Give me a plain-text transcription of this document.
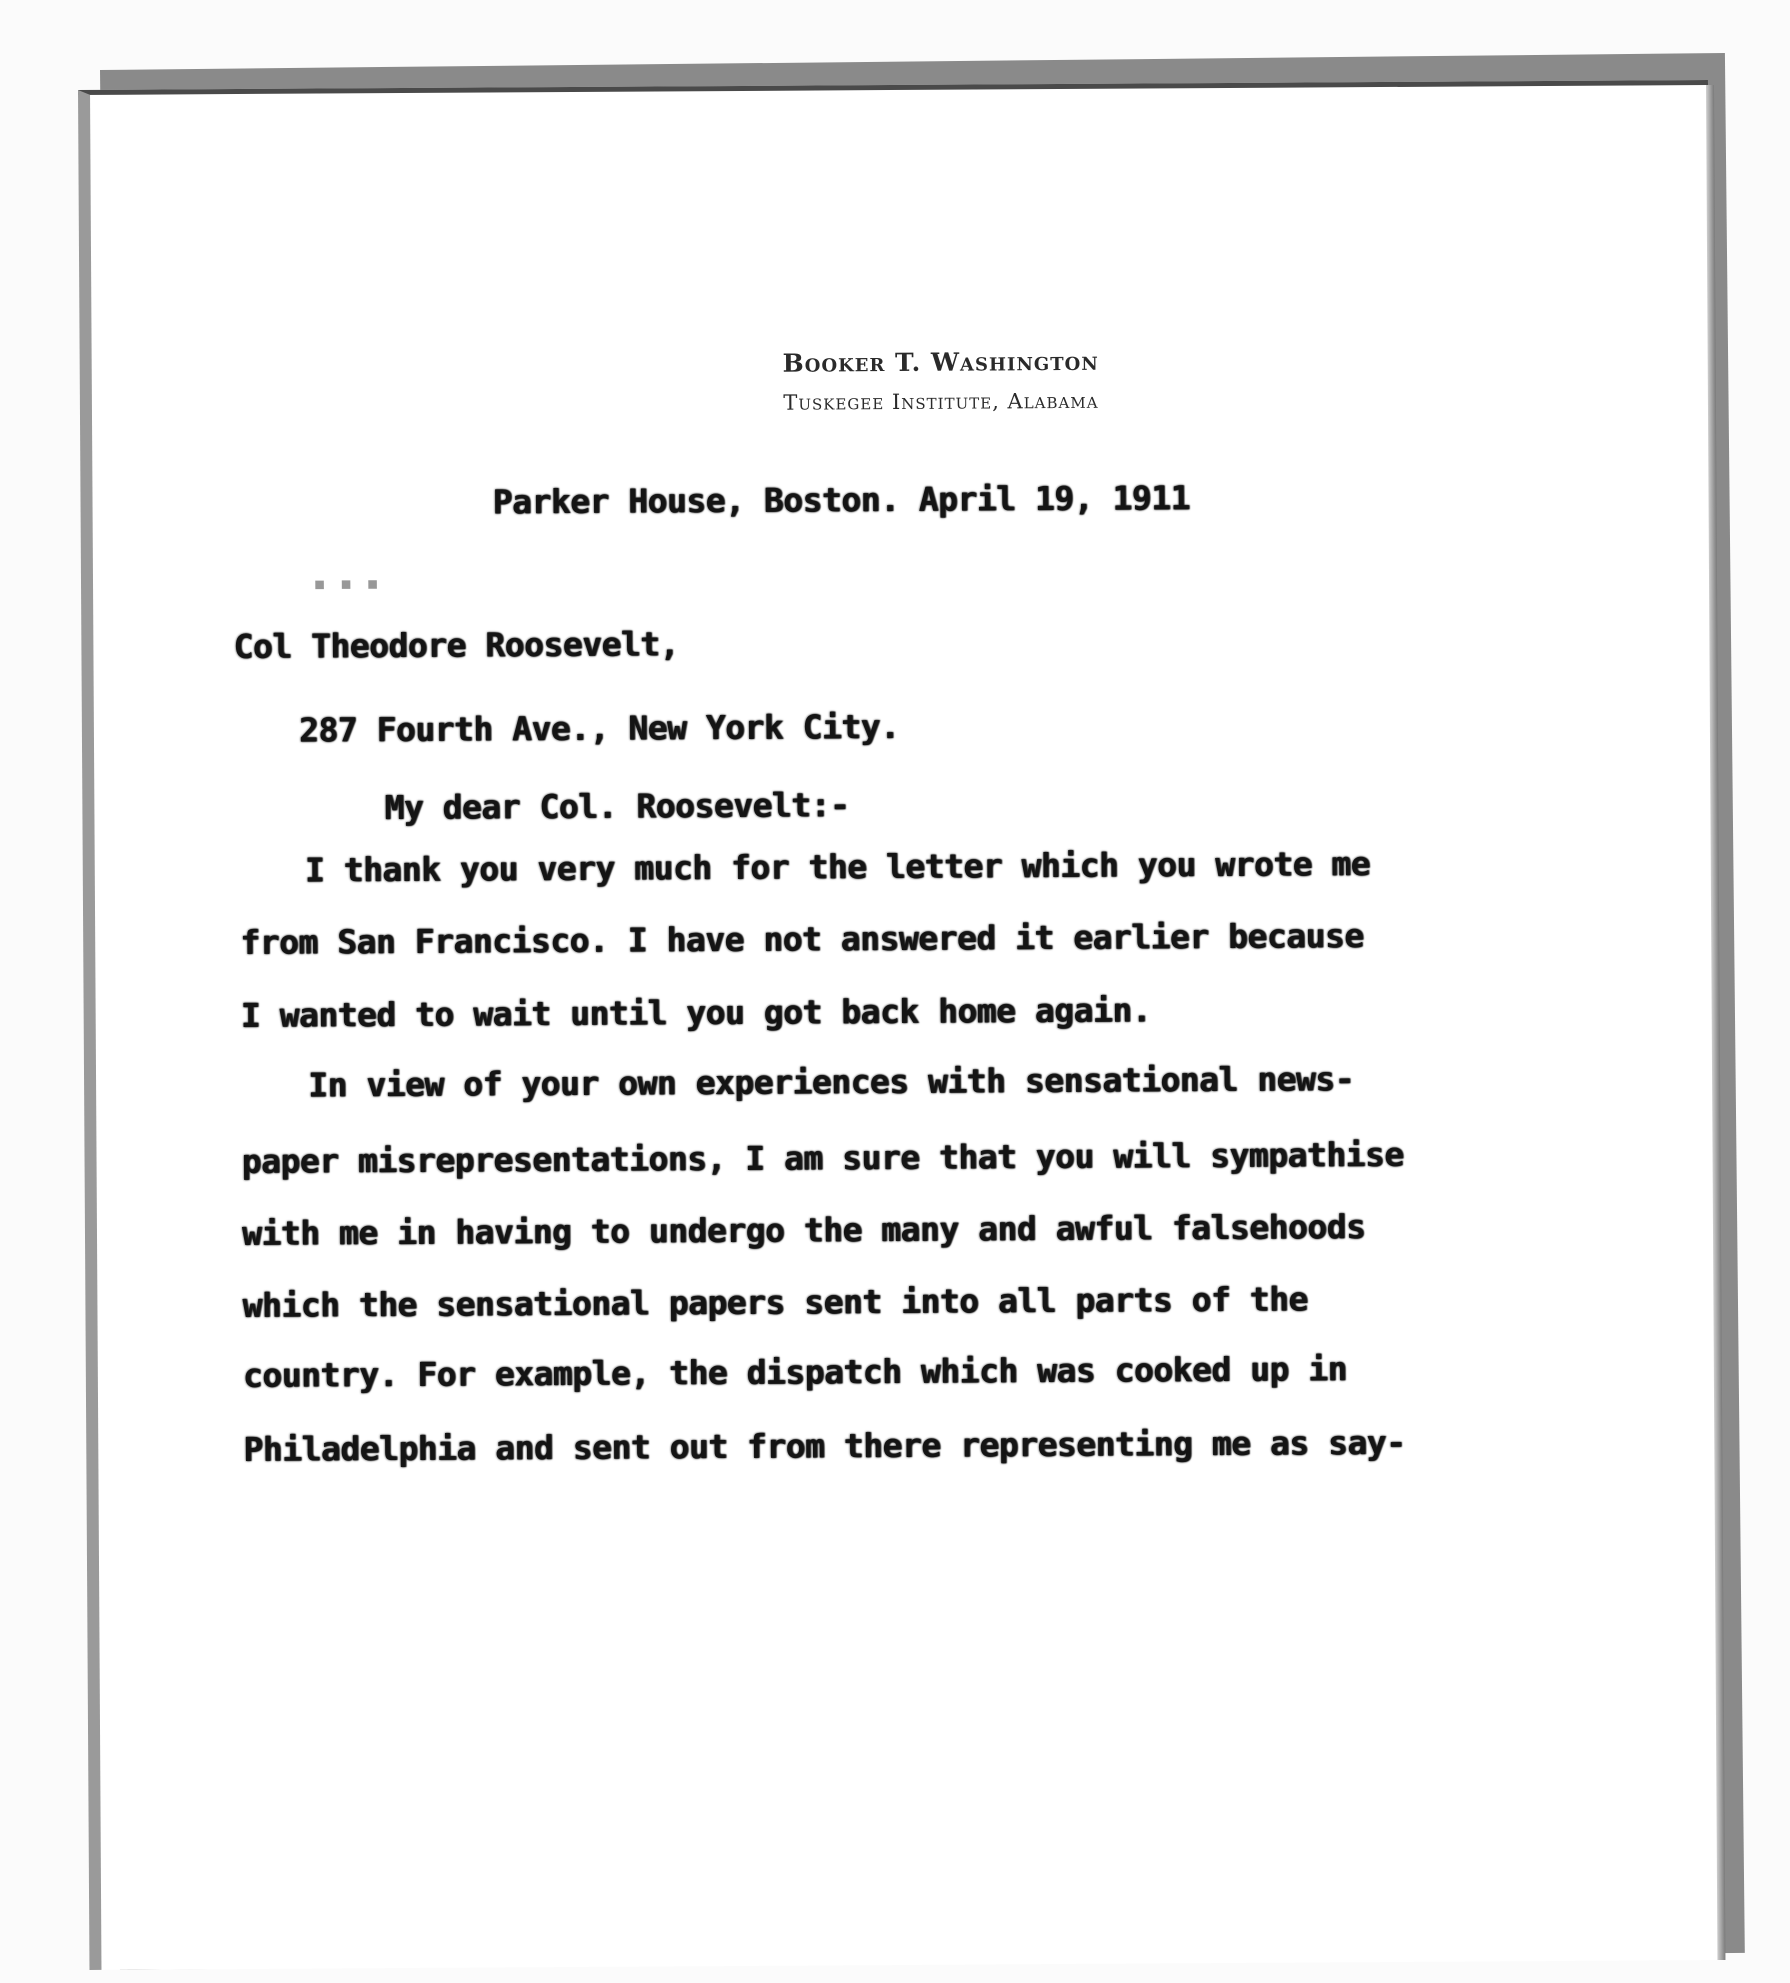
Booker T. Washington
Tuskegee Institute, Alabama
Parker House, Boston. April 19, 1911
▪ ▪ ▪
Col Theodore Roosevelt,
287 Fourth Ave., New York City.
My dear Col. Roosevelt:-
I thank you very much for the letter which you wrote me
from San Francisco. I have not answered it earlier because
I wanted to wait until you got back home again.
In view of your own experiences with sensational news-
paper misrepresentations, I am sure that you will sympathise
with me in having to undergo the many and awful falsehoods
which the sensational papers sent into all parts of the
country. For example, the dispatch which was cooked up in
Philadelphia and sent out from there representing me as say-
